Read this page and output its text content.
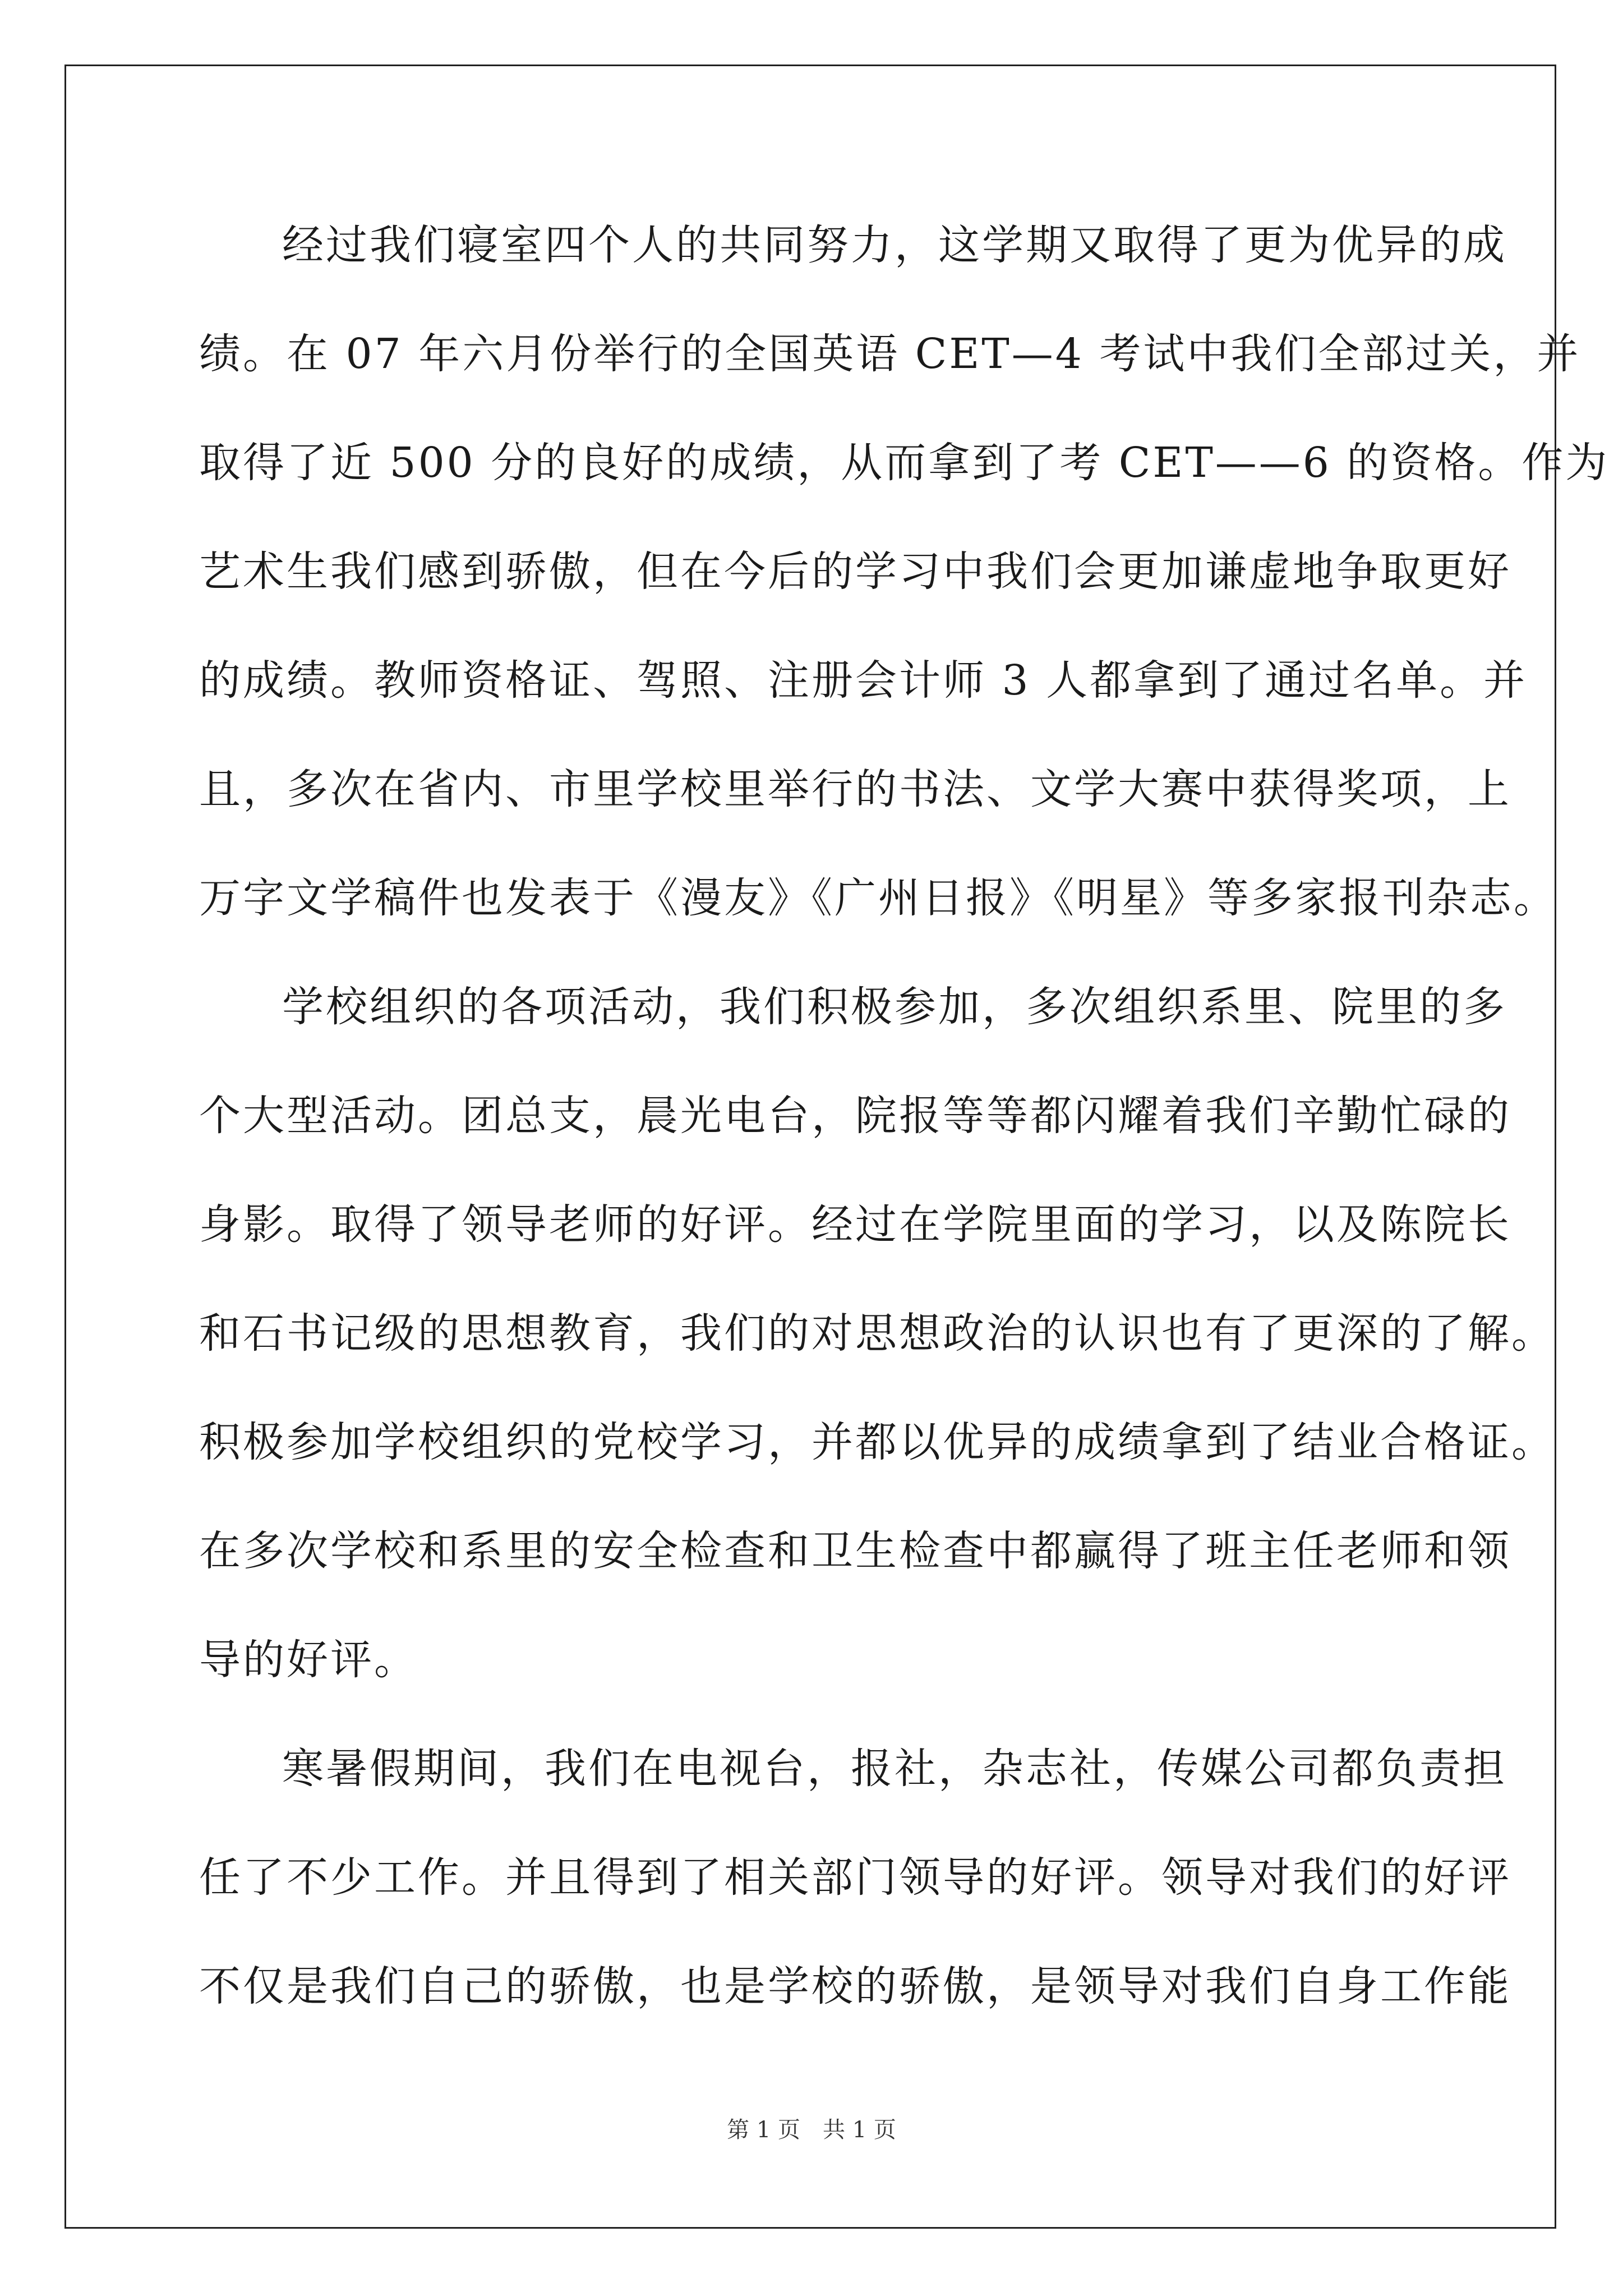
经过我们寝室四个人的共同努力，这学期又取得了更为优异的成
绩。在 07 年六月份举行的全国英语 CET—4 考试中我们全部过关，并
取得了近 500 分的良好的成绩，从而拿到了考 CET——6 的资格。作为
艺术生我们感到骄傲，但在今后的学习中我们会更加谦虚地争取更好
的成绩。教师资格证、驾照、注册会计师 3 人都拿到了通过名单。并
且，多次在省内、市里学校里举行的书法、文学大赛中获得奖项，上
万字文学稿件也发表于《漫友》《广州日报》《明星》等多家报刊杂志。
学校组织的各项活动，我们积极参加，多次组织系里、院里的多
个大型活动。团总支，晨光电台，院报等等都闪耀着我们辛勤忙碌的
身影。取得了领导老师的好评。经过在学院里面的学习，以及陈院长
和石书记级的思想教育，我们的对思想政治的认识也有了更深的了解。
积极参加学校组织的党校学习，并都以优异的成绩拿到了结业合格证。
在多次学校和系里的安全检查和卫生检查中都赢得了班主任老师和领
导的好评。
寒暑假期间，我们在电视台，报社，杂志社，传媒公司都负责担
任了不少工作。并且得到了相关部门领导的好评。领导对我们的好评
不仅是我们自己的骄傲，也是学校的骄傲，是领导对我们自身工作能
第 1 页　共 1 页
